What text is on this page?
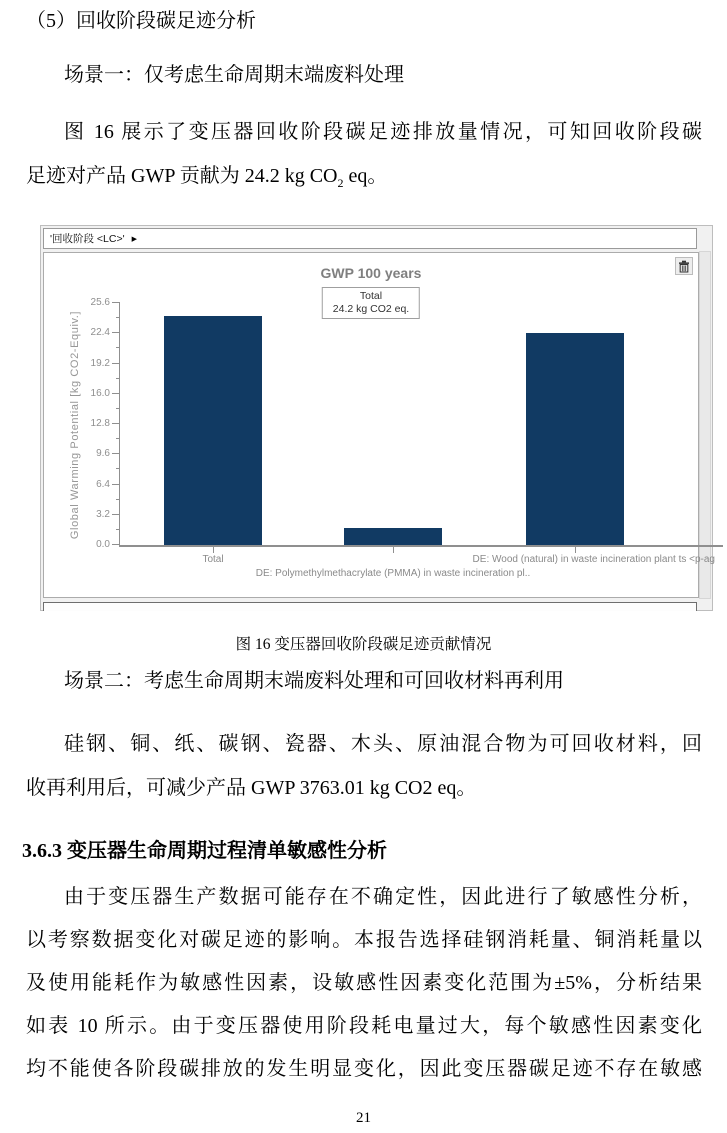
（5）回收阶段碳足迹分析
场景一：仅考虑生命周期末端废料处理
图 16 展示了变压器回收阶段碳足迹排放量情况，可知回收阶段碳
足迹对产品 GWP 贡献为 24.2 kg $CO_2$ eq。
'回收阶段 <LC>' ▶
GWP 100 years
Total
24.2 kg CO2 eq.
Global Warming Potential [kg CO2-Equiv.]
Total
DE: Polymethylmethacrylate (PMMA) in waste incineration pl..
DE: Wood (natural) in waste incineration plant ts <p-ag
0.0
3.2
6.4
9.6
12.8
16.0
19.2
22.4
25.6
图 16 变压器回收阶段碳足迹贡献情况
场景二：考虑生命周期末端废料处理和可回收材料再利用
硅钢、铜、纸、碳钢、瓷器、木头、原油混合物为可回收材料，回
收再利用后，可减少产品 GWP 3763.01 kg CO2 eq。
3.6.3 变压器生命周期过程清单敏感性分析
由于变压器生产数据可能存在不确定性，因此进行了敏感性分析，
以考察数据变化对碳足迹的影响。本报告选择硅钢消耗量、铜消耗量以
及使用能耗作为敏感性因素，设敏感性因素变化范围为±5%，分析结果
如表 10 所示。由于变压器使用阶段耗电量过大，每个敏感性因素变化
均不能使各阶段碳排放的发生明显变化，因此变压器碳足迹不存在敏感
21
